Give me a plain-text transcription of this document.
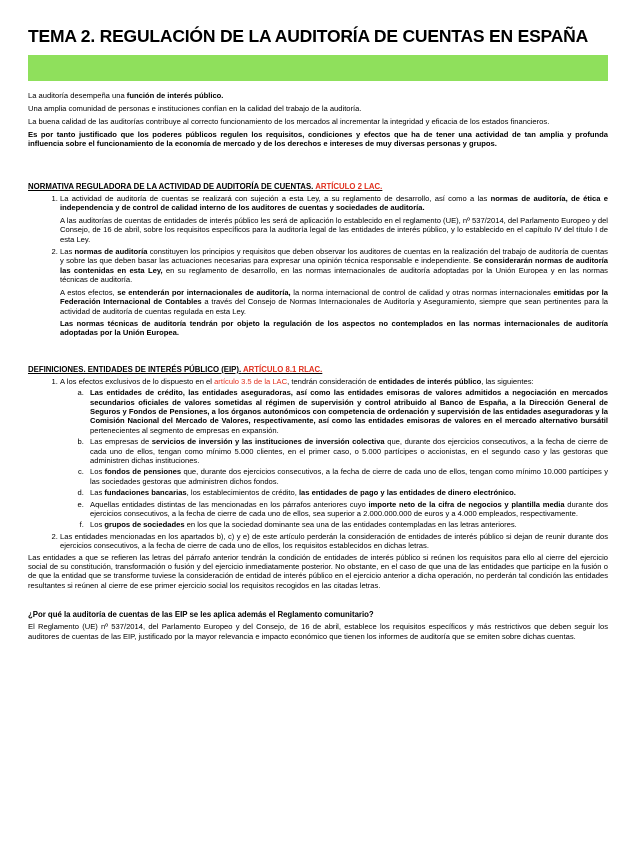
TEMA 2. REGULACIÓN DE LA AUDITORÍA DE CUENTAS EN ESPAÑA

La auditoría desempeña una función de interés público.

Una amplia comunidad de personas e instituciones confían en la calidad del trabajo de la auditoría.

La buena calidad de las auditorías contribuye al correcto funcionamiento de los mercados al incrementar la integridad y eficacia de los estados financieros.

Es por tanto justificado que los poderes públicos regulen los requisitos, condiciones y efectos que ha de tener una actividad de tan amplia y profunda influencia sobre el funcionamiento de la economía de mercado y de los derechos e intereses de muy diversas personas y grupos.

NORMATIVA REGULADORA DE LA ACTIVIDAD DE AUDITORÍA DE CUENTAS. ARTÍCULO 2 LAC.
1. La actividad de auditoría de cuentas se realizará con sujeción a esta Ley, a su reglamento de desarrollo, así como a las normas de auditoría, de ética e independencia y de control de calidad interno de los auditores de cuentas y sociedades de auditoría.

A las auditorías de cuentas de entidades de interés público les será de aplicación lo establecido en el reglamento (UE), nº 537/2014, del Parlamento Europeo y del Consejo, de 16 de abril, sobre los requisitos específicos para la auditoría legal de las entidades de interés público, y lo establecido en el capítulo IV del título I de esta Ley.

2. Las normas de auditoría constituyen los principios y requisitos que deben observar los auditores de cuentas en la realización del trabajo de auditoría de cuentas y sobre las que deben basar las actuaciones necesarias para expresar una opinión técnica responsable e independiente. Se considerarán normas de auditoría las contenidas en esta Ley, en su reglamento de desarrollo, en las normas internacionales de auditoría adoptadas por la Unión Europea y en las normas técnicas de auditoría.

A estos efectos, se entenderán por internacionales de auditoría, la norma internacional de control de calidad y otras normas internacionales emitidas por la Federación Internacional de Contables a través del Consejo de Normas Internacionales de Auditoría y Aseguramiento, siempre que sean pertinentes para la actividad de auditoría de cuentas regulada en esta Ley.

Las normas técnicas de auditoría tendrán por objeto la regulación de los aspectos no contemplados en las normas internacionales de auditoría adoptadas por la Unión Europea.

DEFINICIONES. ENTIDADES DE INTERÉS PÚBLICO (EIP). ARTÍCULO 8.1 RLAC.
1. A los efectos exclusivos de lo dispuesto en el artículo 3.5 de la LAC, tendrán consideración de entidades de interés público, las siguientes:
a. Las entidades de crédito, las entidades aseguradoras, así como las entidades emisoras de valores admitidos a negociación en mercados secundarios oficiales de valores sometidas al régimen de supervisión y control atribuido al Banco de España, a la Dirección General de Seguros y Fondos de Pensiones, a los órganos autonómicos con competencia de ordenación y supervisión de las entidades aseguradoras y la Comisión Nacional del Mercado de Valores, respectivamente, así como las entidades emisoras de valores en el mercado alternativo bursátil pertenecientes al segmento de empresas en expansión.
b. Las empresas de servicios de inversión y las instituciones de inversión colectiva que, durante dos ejercicios consecutivos, a la fecha de cierre de cada uno de ellos, tengan como mínimo 5.000 clientes, en el primer caso, o 5.000 partícipes o accionistas, en el segundo caso y las gestoras que administren dichas instituciones.
c. Los fondos de pensiones que, durante dos ejercicios consecutivos, a la fecha de cierre de cada uno de ellos, tengan como mínimo 10.000 partícipes y las sociedades gestoras que administren dichos fondos.
d. Las fundaciones bancarias, los establecimientos de crédito, las entidades de pago y las entidades de dinero electrónico.
e. Aquellas entidades distintas de las mencionadas en los párrafos anteriores cuyo importe neto de la cifra de negocios y plantilla media durante dos ejercicios consecutivos, a la fecha de cierre de cada uno de ellos, sea superior a 2.000.000.000 de euros y a 4.000 empleados, respectivamente.
f. Los grupos de sociedades en los que la sociedad dominante sea una de las entidades contempladas en las letras anteriores.
2. Las entidades mencionadas en los apartados b), c) y e) de este artículo perderán la consideración de entidades de interés público si dejan de reunir durante dos ejercicios consecutivos, a la fecha de cierre de cada uno de ellos, los requisitos establecidos en dichas letras.

Las entidades a que se refieren las letras del párrafo anterior tendrán la condición de entidades de interés público si reúnen los requisitos para ello al cierre del ejercicio social de su constitución, transformación o fusión y del ejercicio inmediatamente posterior. No obstante, en el caso de que una de las entidades que participe en la fusión o de que la entidad que se transforme tuviese la consideración de entidad de interés público en el ejercicio anterior a dicha operación, no perderán tal condición las entidades resultantes si reúnen al cierre de ese primer ejercicio social los requisitos recogidos en las citadas letras.

¿Por qué la auditoría de cuentas de las EIP se les aplica además el Reglamento comunitario?

El Reglamento (UE) nº 537/2014, del Parlamento Europeo y del Consejo, de 16 de abril, establece los requisitos específicos y más restrictivos que deben seguir los auditores de cuentas de las EIP, justificado por la mayor relevancia e impacto económico que tienen los informes de auditoría que se emiten sobre dichas cuentas.
